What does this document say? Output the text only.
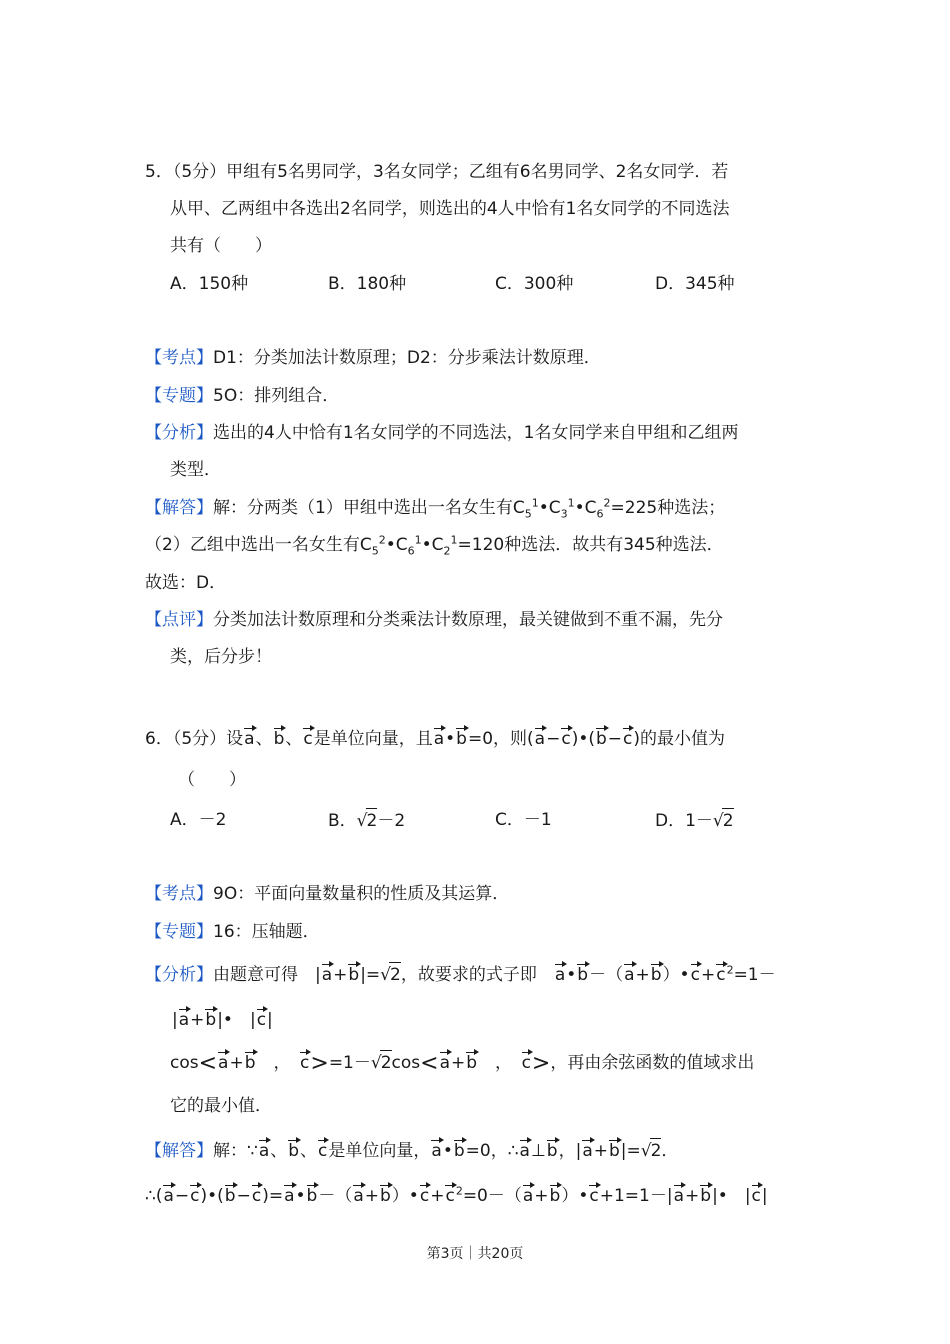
5．（5分）甲组有5名男同学，3名女同学；乙组有6名男同学、2名女同学．若
从甲、乙两组中各选出2名同学，则选出的4人中恰有1名女同学的不同选法
共有（　　）
A．150种	B．180种	C．300种	D．345种
【考点】D1：分类加法计数原理；D2：分步乘法计数原理．
【专题】5O：排列组合．
【分析】选出的4人中恰有1名女同学的不同选法，1名女同学来自甲组和乙组两
类型．
【解答】解：分两类（1）甲组中选出一名女生有$C_5^1•C_3^1•C_6^2=225$种选法；
（2）乙组中选出一名女生有$C_5^2•C_6^1•C_2^1=120$种选法．故共有345种选法．
故选：D．
【点评】分类加法计数原理和分类乘法计数原理，最关键做到不重不漏，先分
类，后分步！
6．（5分）设a、b、c是单位向量，且a•b=0，则(a−c)•(b−c)的最小值为
（　　）
A．－2	B．√2－2	C．－1	D．1－√2
【考点】9O：平面向量数量积的性质及其运算．
【专题】16：压轴题．
【分析】由题意可得　|a+b|=√2，故要求的式子即　 $a•b-(a+b)•c+c^2=1-$
|a+b|•　|c|
cos<a+b　，　c>=1－√2cos<a+b　，　c>，再由余弦函数的值域求出
它的最小值．
【解答】解：∵a、b、c是单位向量，a•b=0，∴a⊥b，|a+b|=√2．
$\therefore(a-c)•(b-c)=a•b-(a+b)•c+c^2=0-(a+b)•c+1=1-|a+b|•$　|c|
第3页｜共20页
